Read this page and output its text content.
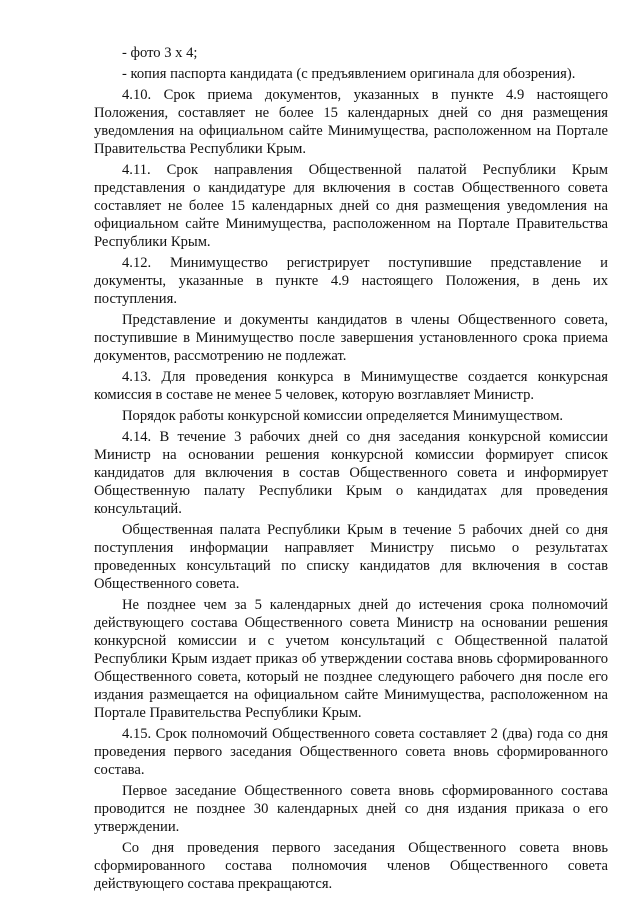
- фото 3 х 4;

- копия паспорта кандидата (с предъявлением оригинала для обозрения).

4.10. Срок приема документов, указанных в пункте 4.9 настоящего Положения, составляет не более 15 календарных дней со дня размещения уведомления на официальном сайте Минимущества, расположенном на Портале Правительства Республики Крым.

4.11. Срок направления Общественной палатой Республики Крым представления о кандидатуре для включения в состав Общественного совета составляет не более 15 календарных дней со дня размещения уведомления на официальном сайте Минимущества, расположенном на Портале Правительства Республики Крым.

4.12. Минимущество регистрирует поступившие представление и документы, указанные в пункте 4.9 настоящего Положения, в день их поступления.

Представление и документы кандидатов в члены Общественного совета, поступившие в Минимущество после завершения установленного срока приема документов, рассмотрению не подлежат.

4.13. Для проведения конкурса в Минимуществе создается конкурсная комиссия в составе не менее 5 человек, которую возглавляет Министр.

Порядок работы конкурсной комиссии определяется Минимуществом.

4.14. В течение 3 рабочих дней со дня заседания конкурсной комиссии Министр на основании решения конкурсной комиссии формирует список кандидатов для включения в состав Общественного совета и информирует Общественную палату Республики Крым о кандидатах для проведения консультаций.

Общественная палата Республики Крым в течение 5 рабочих дней со дня поступления информации направляет Министру письмо о результатах проведенных консультаций по списку кандидатов для включения в состав Общественного совета.

Не позднее чем за 5 календарных дней до истечения срока полномочий действующего состава Общественного совета Министр на основании решения конкурсной комиссии и с учетом консультаций с Общественной палатой Республики Крым издает приказ об утверждении состава вновь сформированного Общественного совета, который не позднее следующего рабочего дня после его издания размещается на официальном сайте Минимущества, расположенном на Портале Правительства Республики Крым.

4.15. Срок полномочий Общественного совета составляет 2 (два) года со дня проведения первого заседания Общественного совета вновь сформированного состава.

Первое заседание Общественного совета вновь сформированного состава проводится не позднее 30 календарных дней со дня издания приказа о его утверждении.

Со дня проведения первого заседания Общественного совета вновь сформированного состава полномочия членов Общественного совета действующего состава прекращаются.
